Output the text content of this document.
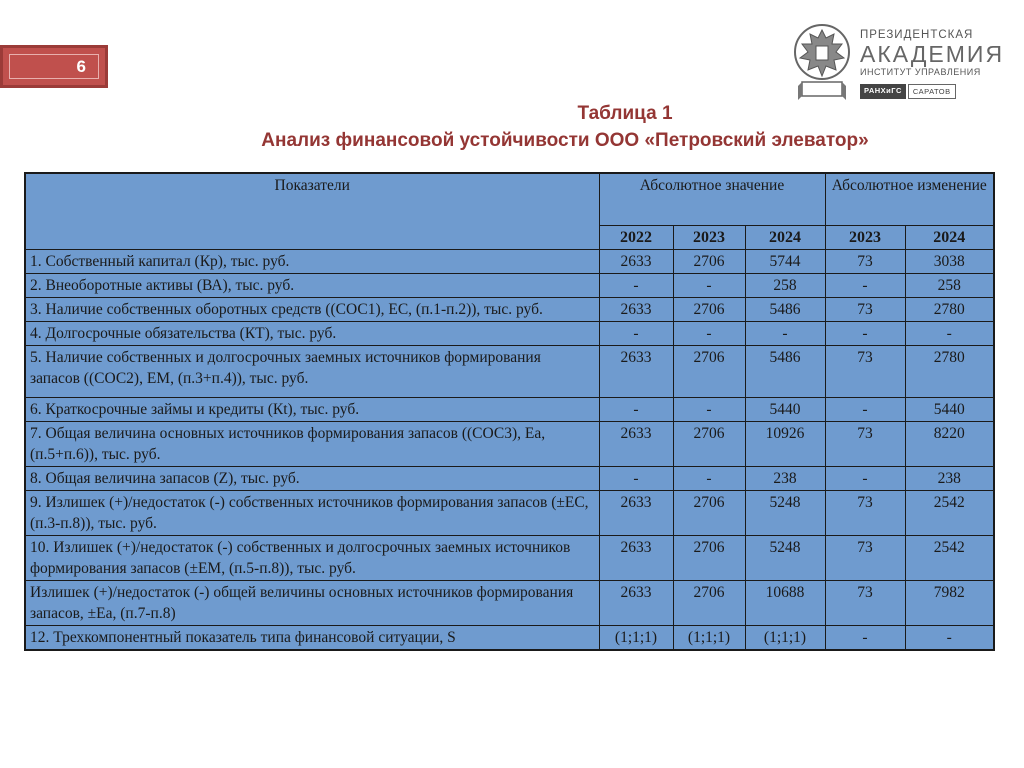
6
ПРЕЗИДЕНТСКАЯ
АКАДЕМИЯ
ИНСТИТУТ УПРАВЛЕНИЯ
РАНХиГС	САРАТОВ
Таблица 1
Анализ финансовой устойчивости ООО «Петровский элеватор»
Показатели	Абсолютное значение			Абсолютное изменение	
	2022	2023	2024	2023	2024
1. Собственный капитал (Кр), тыс. руб.	2633	2706	5744	73	3038
2. Внеоборотные активы (ВА), тыс. руб.	-	-	258	-	258
3. Наличие собственных оборотных средств ((СОС1), ЕС, (п.1-п.2)), тыс. руб.	2633	2706	5486	73	2780
4. Долгосрочные обязательства (КТ), тыс. руб.	-	-	-	-	-
5. Наличие собственных и долгосрочных заемных источников формирования запасов ((СОС2), ЕМ, (п.3+п.4)), тыс. руб.	2633	2706	5486	73	2780
6. Краткосрочные займы и кредиты (Кt), тыс. руб.	-	-	5440	-	5440
7. Общая величина основных источников формирования запасов ((СОС3), Еа, (п.5+п.6)), тыс. руб.	2633	2706	10926	73	8220
8. Общая величина запасов (Z), тыс. руб.	-	-	238	-	238
9. Излишек (+)/недостаток (-) собственных источников формирования запасов (±ЕС, (п.3-п.8)), тыс. руб.	2633	2706	5248	73	2542
10. Излишек (+)/недостаток (-) собственных и долгосрочных заемных источников формирования запасов (±ЕМ, (п.5-п.8)), тыс. руб.	2633	2706	5248	73	2542
Излишек (+)/недостаток (-) общей величины основных источников формирования запасов, ±Еа, (п.7-п.8)	2633	2706	10688	73	7982
12. Трехкомпонентный показатель типа финансовой ситуации, S	(1;1;1)	(1;1;1)	(1;1;1)	-	-
